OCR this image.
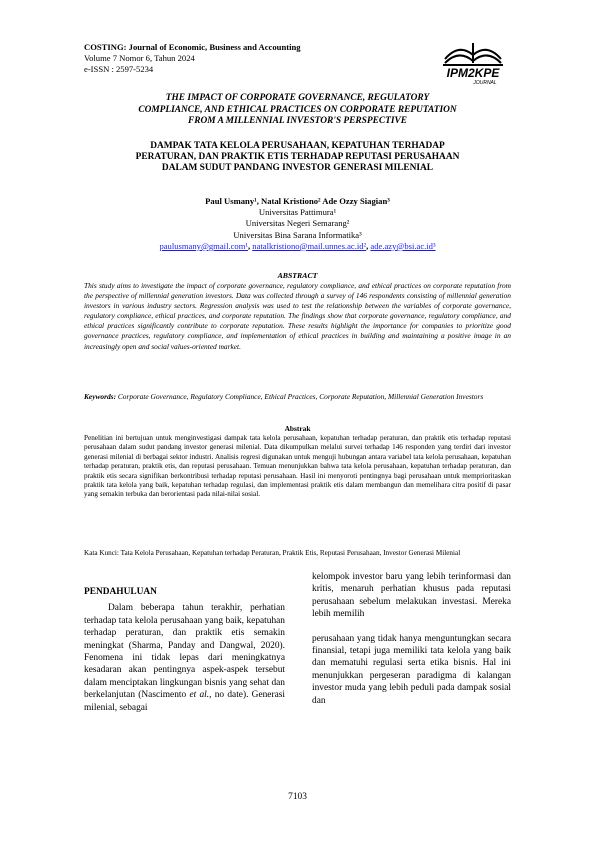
COSTING: Journal of Economic, Business and Accounting
Volume 7 Nomor 6, Tahun 2024
e-ISSN : 2597-5234	IPM2KPE
JOURNAL
THE IMPACT OF CORPORATE GOVERNANCE, REGULATORY
COMPLIANCE, AND ETHICAL PRACTICES ON CORPORATE REPUTATION
FROM A MILLENNIAL INVESTOR'S PERSPECTIVE
DAMPAK TATA KELOLA PERUSAHAAN, KEPATUHAN TERHADAP
PERATURAN, DAN PRAKTIK ETIS TERHADAP REPUTASI PERUSAHAAN
DALAM SUDUT PANDANG INVESTOR GENERASI MILENIAL
Paul Usmany¹, Natal Kristiono² Ade Ozzy Siagian³
Universitas Pattimura¹
Universitas Negeri Semarang²
Universitas Bina Sarana Informatika³
paulusmany@gmail.com¹, natalkristiono@mail.unnes.ac.id², ade.azy@bsi.ac.id³
ABSTRACT
This study aims to investigate the impact of corporate governance, regulatory compliance, and ethical practices on corporate reputation from the perspective of millennial generation investors. Data was collected through a survey of 146 respondents consisting of millennial generation investors in various industry sectors. Regression analysis was used to test the relationship between the variables of corporate governance, regulatory compliance, ethical practices, and corporate reputation. The findings show that corporate governance, regulatory compliance, and ethical practices significantly contribute to corporate reputation. These results highlight the importance for companies to prioritize good governance practices, regulatory compliance, and implementation of ethical practices in building and maintaining a positive image in an increasingly open and social values-oriented market.
Keywords: Corporate Governance, Regulatory Compliance, Ethical Practices, Corporate Reputation, Millennial Generation Investors
Abstrak
Penelitian ini bertujuan untuk menginvestigasi dampak tata kelola perusahaan, kepatuhan terhadap peraturan, dan praktik etis terhadap reputasi perusahaan dalam sudut pandang investor generasi milenial. Data dikumpulkan melalui survei terhadap 146 responden yang terdiri dari investor generasi milenial di berbagai sektor industri. Analisis regresi digunakan untuk menguji hubungan antara variabel tata kelola perusahaan, kepatuhan terhadap peraturan, praktik etis, dan reputasi perusahaan. Temuan menunjukkan bahwa tata kelola perusahaan, kepatuhan terhadap peraturan, dan praktik etis secara signifikan berkontribusi terhadap reputasi perusahaan. Hasil ini menyoroti pentingnya bagi perusahaan untuk memprioritaskan praktik tata kelola yang baik, kepatuhan terhadap regulasi, dan implementasi praktik etis dalam membangun dan memelihara citra positif di pasar yang semakin terbuka dan berorientasi pada nilai-nilai sosial.
Kata Kunci: Tata Kelola Perusahaan, Kepatuhan terhadap Peraturan, Praktik Etis, Reputasi Perusahaan, Investor Generasi Milenial
PENDAHULUAN

Dalam beberapa tahun terakhir, perhatian terhadap tata kelola perusahaan yang baik, kepatuhan terhadap peraturan, dan praktik etis semakin meningkat (Sharma, Panday and Dangwal, 2020). Fenomena ini tidak lepas dari meningkatnya kesadaran akan pentingnya aspek-aspek tersebut dalam menciptakan lingkungan bisnis yang sehat dan berkelanjutan (Nascimento et al., no date). Generasi milenial, sebagai

kelompok investor baru yang lebih terinformasi dan kritis, menaruh perhatian khusus pada reputasi perusahaan sebelum melakukan investasi. Mereka lebih memilih

perusahaan yang tidak hanya menguntungkan secara finansial, tetapi juga memiliki tata kelola yang baik dan mematuhi regulasi serta etika bisnis. Hal ini menunjukkan pergeseran paradigma di kalangan investor muda yang lebih peduli pada dampak sosial dan

7103
